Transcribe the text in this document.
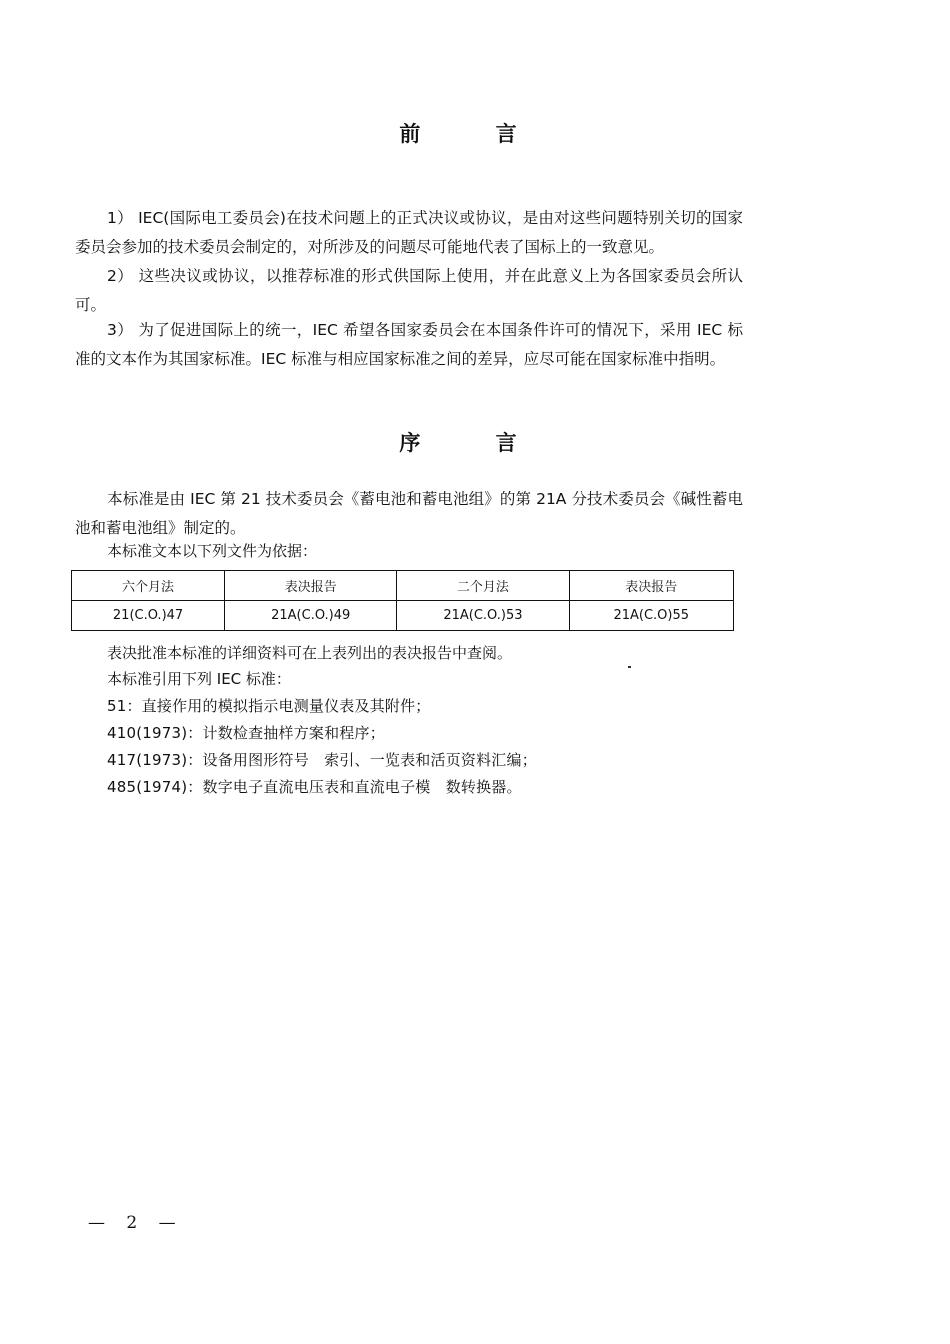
前 言
1） IEC(国际电工委员会)在技术问题上的正式决议或协议，是由对这些问题特别关切的国家委员会参加的技术委员会制定的，对所涉及的问题尽可能地代表了国标上的一致意见。
2） 这些决议或协议，以推荐标准的形式供国际上使用，并在此意义上为各国家委员会所认可。
3） 为了促进国际上的统一，IEC 希望各国家委员会在本国条件许可的情况下，采用 IEC 标准的文本作为其国家标准。IEC 标准与相应国家标准之间的差异，应尽可能在国家标准中指明。
序 言
本标准是由 IEC 第 21 技术委员会《蓄电池和蓄电池组》的第 21A 分技术委员会《碱性蓄电池和蓄电池组》制定的。
本标准文本以下列文件为依据：
六个月法	表决报告	二个月法	表决报告
21(C.O.)47	21A(C.O.)49	21A(C.O.)53	21A(C.O)55
表决批准本标准的详细资料可在上表列出的表决报告中查阅。
本标准引用下列 IEC 标准：
51：直接作用的模拟指示电测量仪表及其附件；
410(1973)：计数检查抽样方案和程序；
417(1973)：设备用图形符号　索引、一览表和活页资料汇编；
485(1974)：数字电子直流电压表和直流电子模　数转换器。
— 2 —
